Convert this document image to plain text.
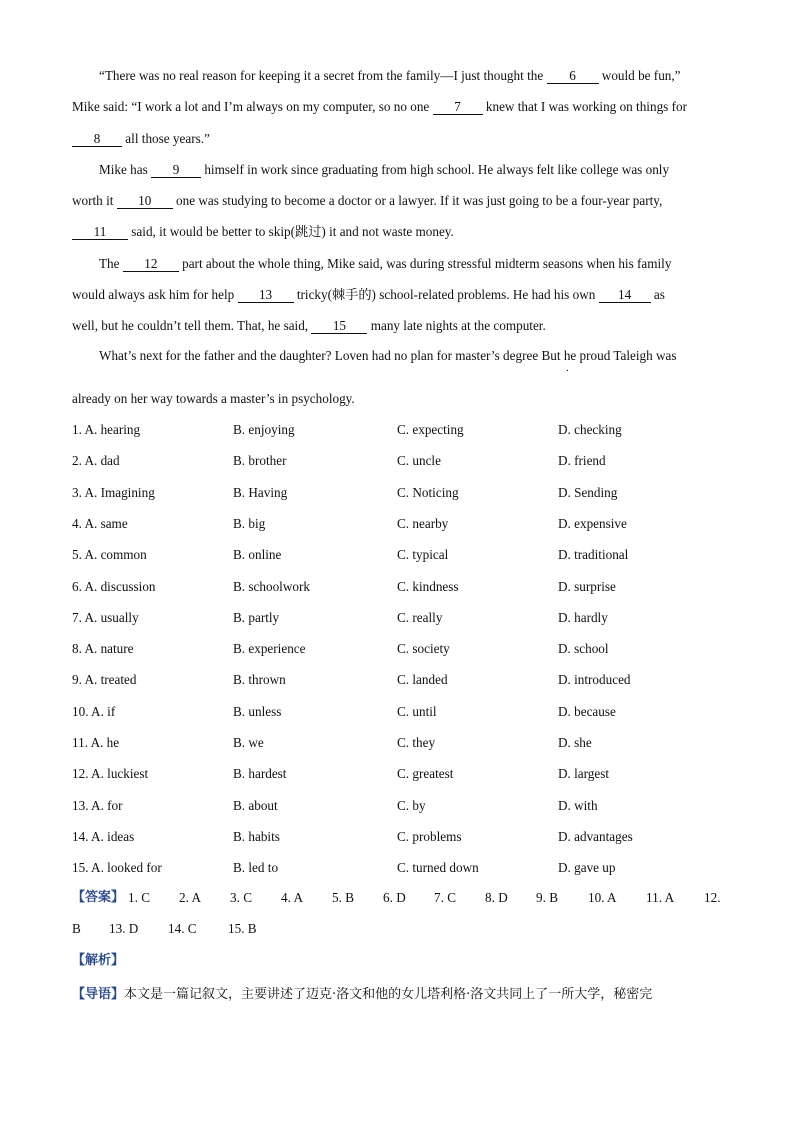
“There was no real reason for keeping it a secret from the family—I just thought the 6 would be fun,”
Mike said: “I work a lot and I’m always on my computer, so no one 7 knew that I was working on things for
8 all those years.”
Mike has 9 himself in work since graduating from high school. He always felt like college was only
worth it 10 one was studying to become a doctor or a lawyer. If it was just going to be a four-year party,
11 said, it would be better to skip(跳过) it and not waste money.
The 12 part about the whole thing, Mike said, was during stressful midterm seasons when his family
would always ask him for help 13 tricky(棘手的) school-related problems. He had his own 14 as
well, but he couldn’t tell them. That, he said, 15 many late nights at the computer.
What’s next for the father and the daughter? Loven had no plan for master’s degree But he proud Taleigh was
.
already on her way towards a master’s in psychology.
1. A. hearing	B. enjoying	C. expecting	D. checking
2. A. dad	B. brother	C. uncle	D. friend
3. A. Imagining	B. Having	C. Noticing	D. Sending
4. A. same	B. big	C. nearby	D. expensive
5. A. common	B. online	C. typical	D. traditional
6. A. discussion	B. schoolwork	C. kindness	D. surprise
7. A. usually	B. partly	C. really	D. hardly
8. A. nature	B. experience	C. society	D. school
9. A. treated	B. thrown	C. landed	D. introduced
10. A. if	B. unless	C. until	D. because
11. A. he	B. we	C. they	D. she
12. A. luckiest	B. hardest	C. greatest	D. largest
13. A. for	B. about	C. by	D. with
14. A. ideas	B. habits	C. problems	D. advantages
15. A. looked for	B. led to	C. turned down	D. gave up
【答案】 1. C 2. A 3. C 4. A 5. B 6. D 7. C 8. D 9. B 10. A 11. A 12.
B 13. D 14. C 15. B
【解析】
【导语】本文是一篇记叙文，主要讲述了迈克·洛文和他的女儿塔利格·洛文共同上了一所大学，秘密完
